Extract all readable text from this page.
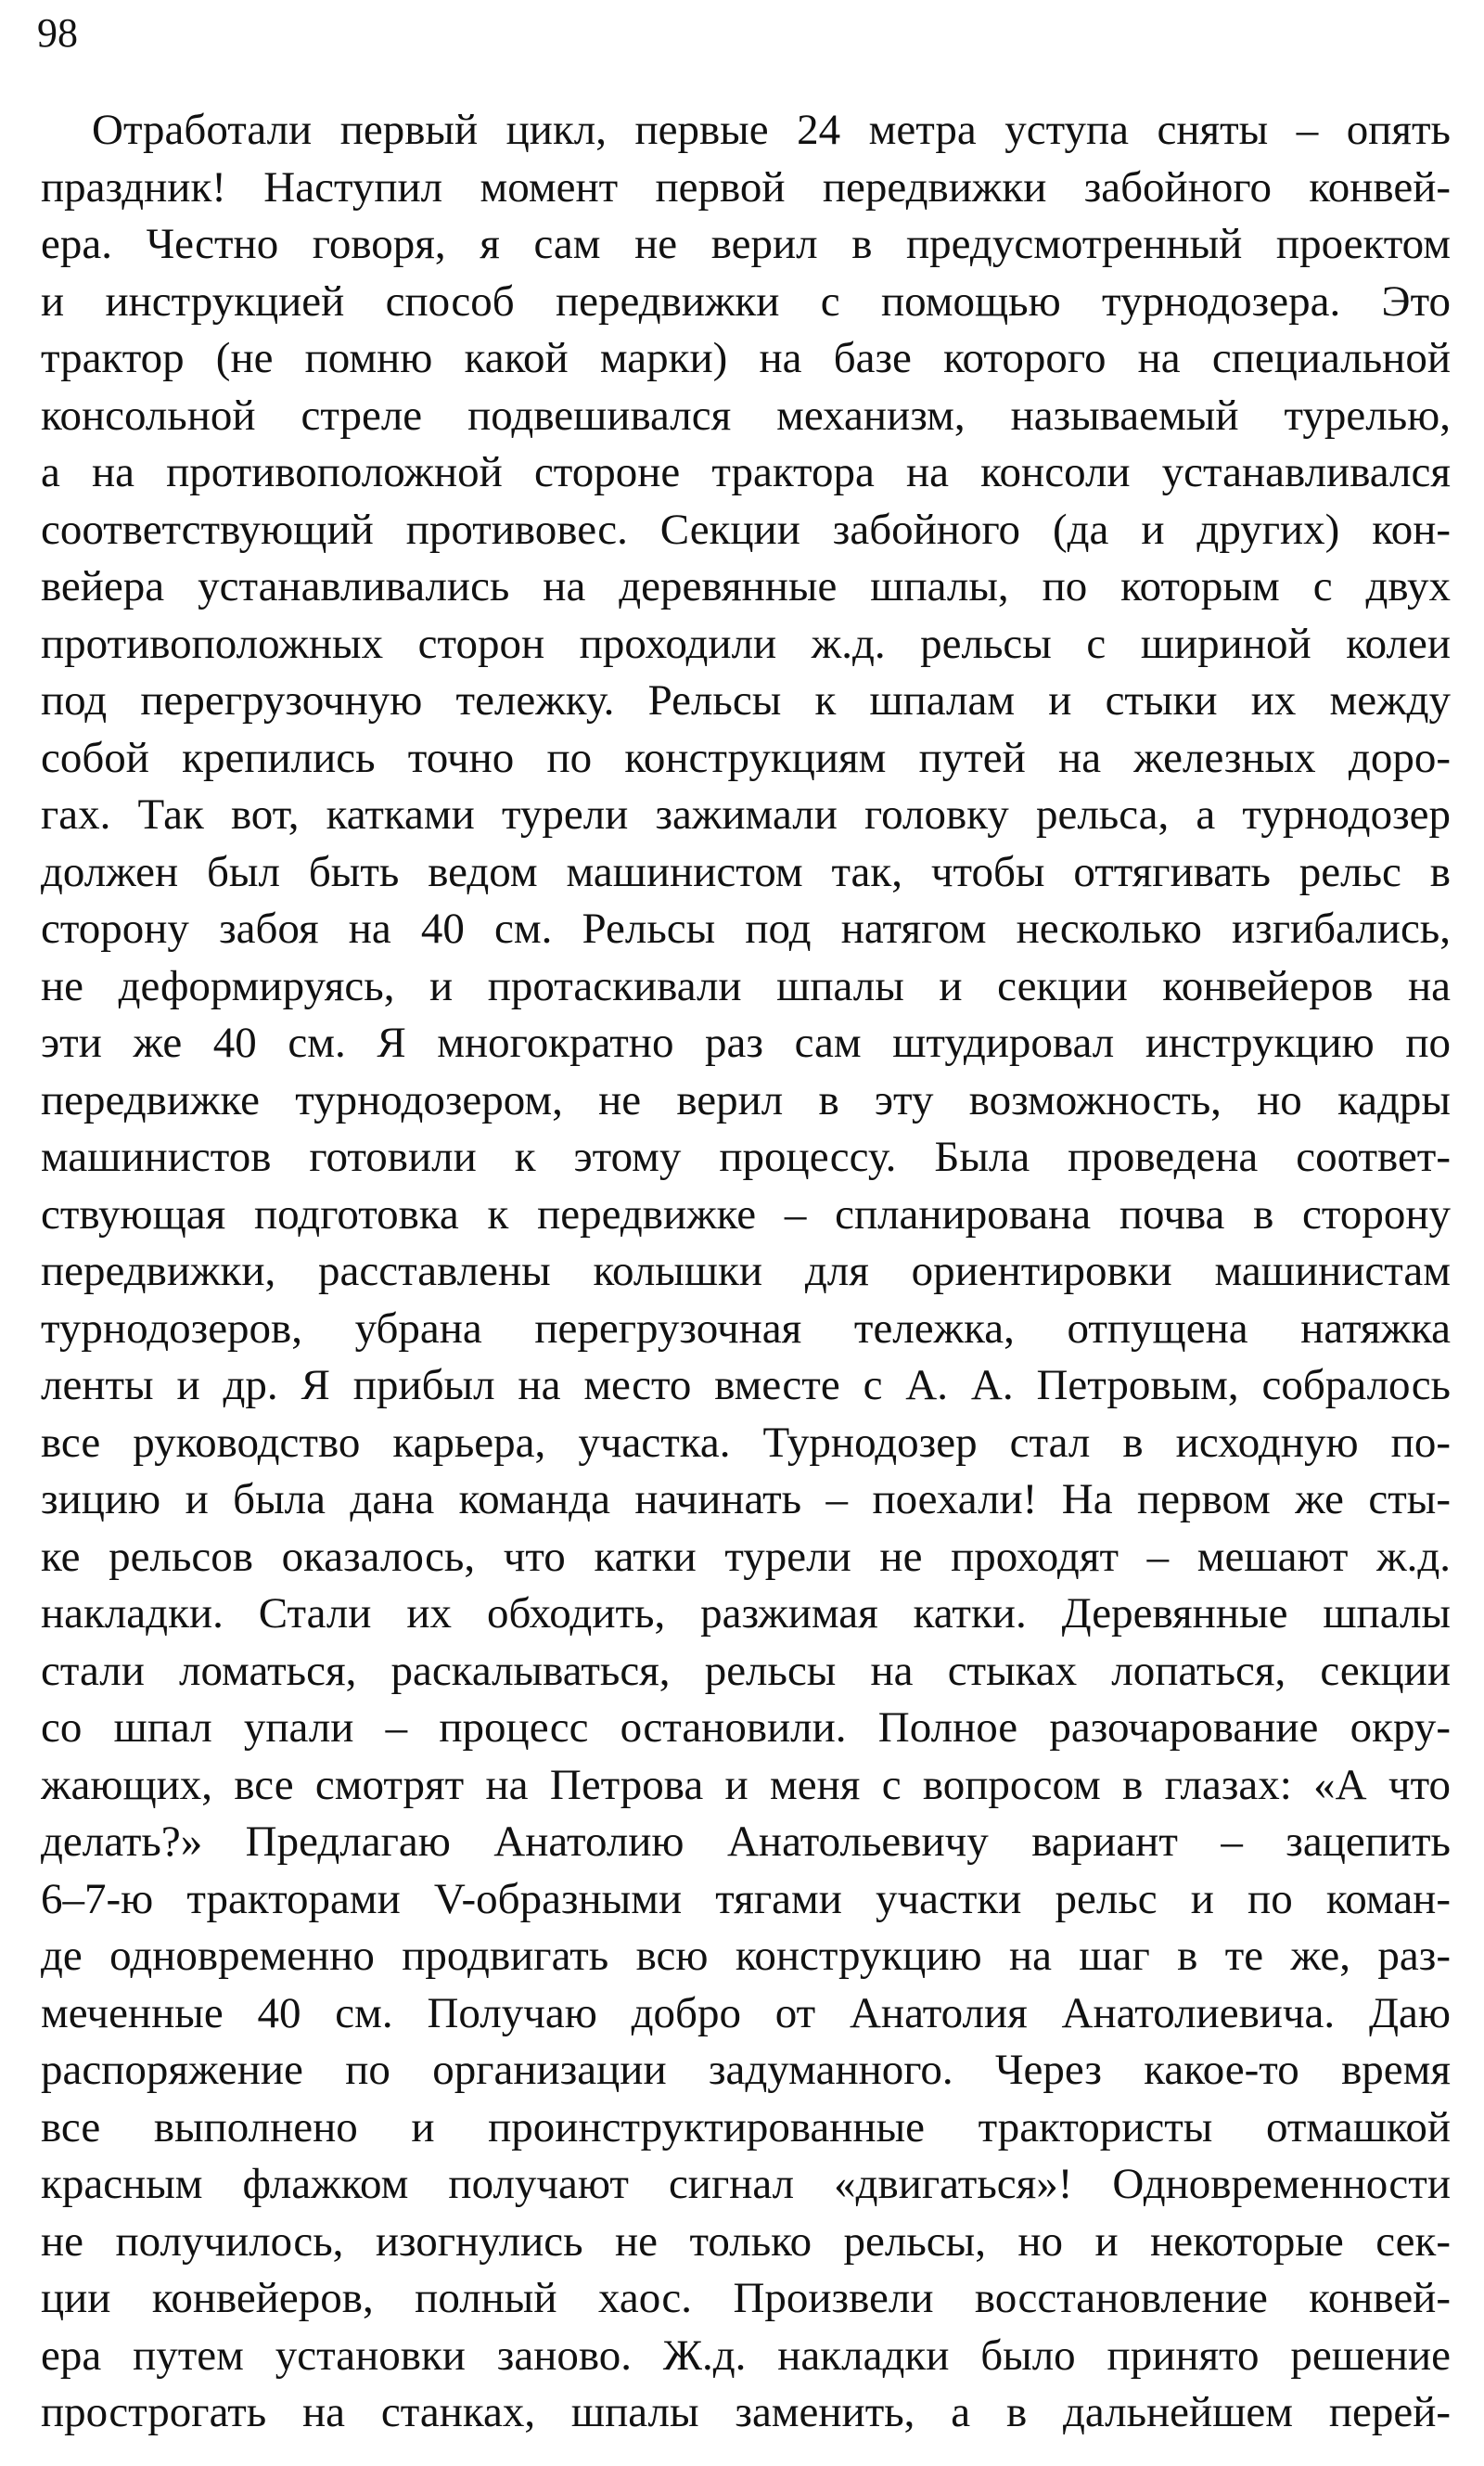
98
Отработали первый цикл, первые 24 метра уступа сняты – опять
праздник! Наступил момент первой передвижки забойного конвей-
ера. Честно говоря, я сам не верил в предусмотренный проектом
и инструкцией способ передвижки с помощью турнодозера. Это
трактор (не помню какой марки) на базе которого на специальной
консольной стреле подвешивался механизм, называемый турелью,
а на противоположной стороне трактора на консоли устанавливался
соответствующий противовес. Секции забойного (да и других) кон-
вейера устанавливались на деревянные шпалы, по которым с двух
противоположных сторон проходили ж.д. рельсы с шириной колеи
под перегрузочную тележку. Рельсы к шпалам и стыки их между
собой крепились точно по конструкциям путей на железных доро-
гах. Так вот, катками турели зажимали головку рельса, а турнодозер
должен был быть ведом машинистом так, чтобы оттягивать рельс в
сторону забоя на 40 см. Рельсы под натягом несколько изгибались,
не деформируясь, и протаскивали шпалы и секции конвейеров на
эти же 40 см. Я многократно раз сам штудировал инструкцию по
передвижке турнодозером, не верил в эту возможность, но кадры
машинистов готовили к этому процессу. Была проведена соответ-
ствующая подготовка к передвижке – спланирована почва в сторону
передвижки, расставлены колышки для ориентировки машинистам
турнодозеров, убрана перегрузочная тележка, отпущена натяжка
ленты и др. Я прибыл на место вместе с А. А. Петровым, собралось
все руководство карьера, участка. Турнодозер стал в исходную по-
зицию и была дана команда начинать – поехали! На первом же сты-
ке рельсов оказалось, что катки турели не проходят – мешают ж.д.
накладки. Стали их обходить, разжимая катки. Деревянные шпалы
стали ломаться, раскалываться, рельсы на стыках лопаться, секции
со шпал упали – процесс остановили. Полное разочарование окру-
жающих, все смотрят на Петрова и меня с вопросом в глазах: «А что
делать?» Предлагаю Анатолию Анатольевичу вариант – зацепить
6–7-ю тракторами V-образными тягами участки рельс и по коман-
де одновременно продвигать всю конструкцию на шаг в те же, раз-
меченные 40 см. Получаю добро от Анатолия Анатолиевича. Даю
распоряжение по организации задуманного. Через какое-то время
все выполнено и проинструктированные трактористы отмашкой
красным флажком получают сигнал «двигаться»! Одновременности
не получилось, изогнулись не только рельсы, но и некоторые сек-
ции конвейеров, полный хаос. Произвели восстановление конвей-
ера путем установки заново. Ж.д. накладки было принято решение
прострогать на станках, шпалы заменить, а в дальнейшем перей-
